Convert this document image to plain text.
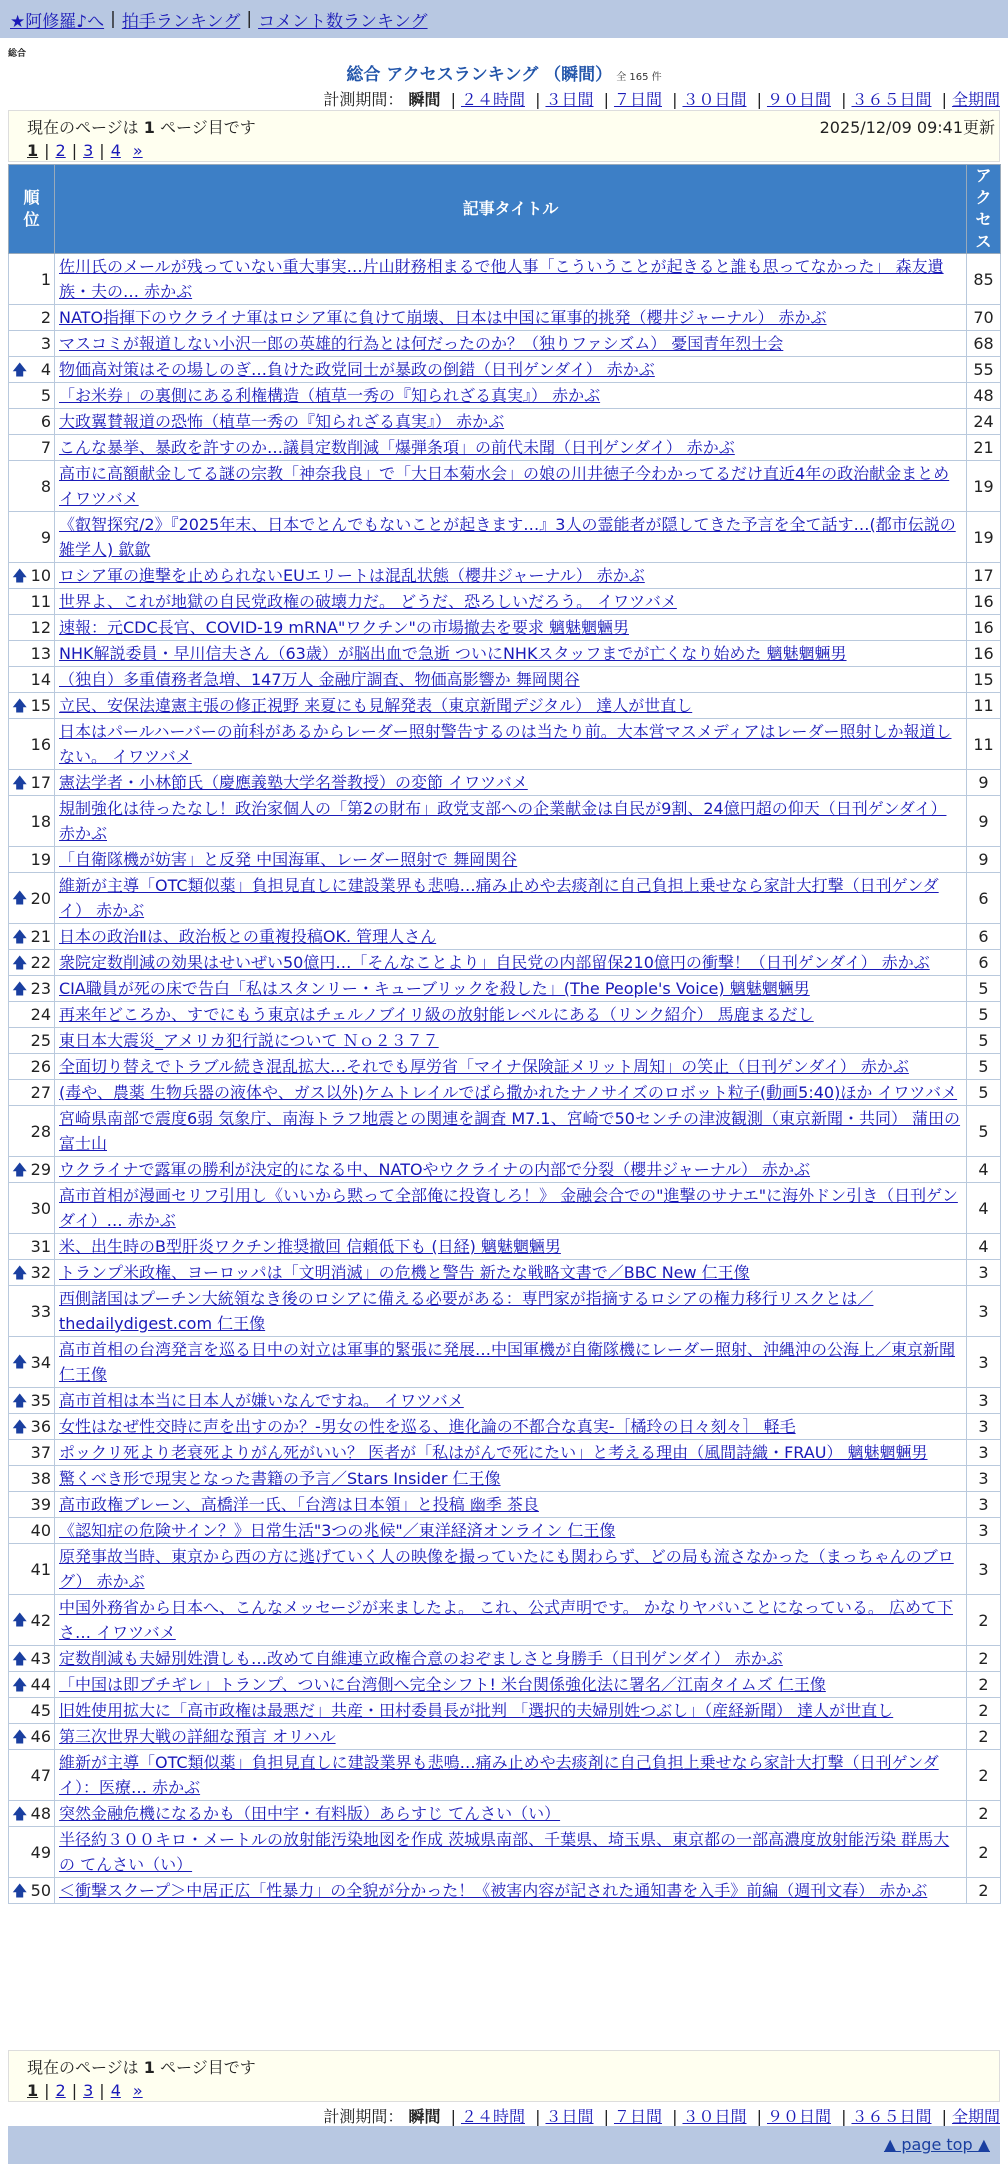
★阿修羅♪へ | 拍手ランキング | コメント数ランキング
総合
総合 アクセスランキング （瞬間） 全 165 件
計測期間： 瞬間 | ２４時間 | ３日間 | ７日間 | ３０日間 | ９０日間 | ３６５日間 | 全期間
現在のページは 1 ページ目です	2025/12/09 09:41更新
1 | 2 | 3 | 4 »
順位	記事タイトル	アクセス
1	佐川氏のメールが残っていない重大事実…片山財務相まるで他人事「こういうことが起きると誰も思ってなかった」 森友遺族・夫の… 赤かぶ	85
2	NATO指揮下のウクライナ軍はロシア軍に負けて崩壊、日本は中国に軍事的挑発（櫻井ジャーナル） 赤かぶ	70
3	マスコミが報道しない小沢一郎の英雄的行為とは何だったのか？（独りファシズム） 憂国青年烈士会	68

🡅 4	物価高対策はその場しのぎ…負けた政党同士が暴政の倒錯（日刊ゲンダイ） 赤かぶ	55
5	「お米券」の裏側にある利権構造（植草一秀の『知られざる真実』） 赤かぶ	48
6	大政翼賛報道の恐怖（植草一秀の『知られざる真実』） 赤かぶ	24
7	こんな暴挙、暴政を許すのか…議員定数削減「爆弾条項」の前代未聞（日刊ゲンダイ） 赤かぶ	21
8	高市に高額献金してる謎の宗教「神奈我良」で「大日本菊水会」の娘の川井徳子今わかってるだけ直近4年の政治献金まとめ イワツバメ	19
9	《叡智探究/2》『2025年末、日本でとんでもないことが起きます…』3人の霊能者が隠してきた予言を全て話す…(都市伝説の雑学人) 歙歙	19

🡅 10	ロシア軍の進撃を止められないEUエリートは混乱状態（櫻井ジャーナル） 赤かぶ	17
11	世界よ、これが地獄の自民党政権の破壊力だ。 どうだ、恐ろしいだろう。 イワツバメ	16
12	速報：元CDC長官、COVID-19 mRNA"ワクチン"の市場撤去を要求 魑魅魍魎男	16
13	NHK解説委員・早川信夫さん（63歳）が脳出血で急逝 ついにNHKスタッフまでが亡くなり始めた 魑魅魍魎男	16
14	（独自）多重債務者急増、147万人 金融庁調査、物価高影響か 舞岡関谷	15

🡅 15	立民、安保法違憲主張の修正視野 来夏にも見解発表（東京新聞デジタル） 達人が世直し	11
16	日本はパールハーバーの前科があるからレーダー照射警告するのは当たり前。大本営マスメディアはレーダー照射しか報道しない。 イワツバメ	11

🡅 17	憲法学者・小林節氏（慶應義塾大学名誉教授）の変節 イワツバメ	9
18	規制強化は待ったなし！政治家個人の「第2の財布」政党支部への企業献金は自民が9割、24億円超の仰天（日刊ゲンダイ） 赤かぶ	9
19	「自衛隊機が妨害」と反発 中国海軍、レーダー照射で 舞岡関谷	9

🡅 20	維新が主導「OTC類似薬」負担見直しに建設業界も悲鳴…痛み止めや去痰剤に自己負担上乗せなら家計大打撃（日刊ゲンダイ） 赤かぶ	6

🡅 21	日本の政治Ⅱは、政治板との重複投稿OK. 管理人さん	6

🡅 22	衆院定数削減の効果はせいぜい50億円…「そんなことより」自民党の内部留保210億円の衝撃！（日刊ゲンダイ） 赤かぶ	6

🡅 23	CIA職員が死の床で告白「私はスタンリー・キューブリックを殺した」(The People's Voice) 魑魅魍魎男	5
24	再来年どころか、すでにもう東京はチェルノブイリ級の放射能レベルにある（リンク紹介） 馬鹿まるだし	5
25	東日本大震災_アメリカ犯行説について Ｎｏ２３７７	5
26	全面切り替えでトラブル続き混乱拡大…それでも厚労省「マイナ保険証メリット周知」の笑止（日刊ゲンダイ） 赤かぶ	5
27	(毒や、農薬 生物兵器の液体や、ガス以外)ケムトレイルでばら撒かれたナノサイズのロボット粒子(動画5:40)ほか イワツバメ	5
28	宮崎県南部で震度6弱 気象庁、南海トラフ地震との関連を調査 M7.1、宮崎で50センチの津波観測（東京新聞・共同） 蒲田の富士山	5

🡅 29	ウクライナで露軍の勝利が決定的になる中、NATOやウクライナの内部で分裂（櫻井ジャーナル） 赤かぶ	4
30	高市首相が漫画セリフ引用し《いいから黙って全部俺に投資しろ！》 金融会合での"進撃のサナエ"に海外ドン引き（日刊ゲンダイ）… 赤かぶ	4
31	米、出生時のB型肝炎ワクチン推奨撤回 信頼低下も (日経) 魑魅魍魎男	4

🡅 32	トランプ米政権、ヨーロッパは「文明消滅」の危機と警告 新たな戦略文書で／BBC New 仁王像	3
33	西側諸国はプーチン大統領なき後のロシアに備える必要がある：専門家が指摘するロシアの権力移行リスクとは／thedailydigest.com 仁王像	3

🡅 34	高市首相の台湾発言を巡る日中の対立は軍事的緊張に発展…中国軍機が自衛隊機にレーダー照射、沖縄沖の公海上／東京新聞 仁王像	3

🡅 35	高市首相は本当に日本人が嫌いなんですね。 イワツバメ	3

🡅 36	女性はなぜ性交時に声を出すのか？-男女の性を巡る、進化論の不都合な真実-［橘玲の日々刻々］ 軽毛	3
37	ポックリ死より老衰死よりがん死がいい？ 医者が「私はがんで死にたい」と考える理由（風間詩織・FRAU） 魑魅魍魎男	3
38	驚くべき形で現実となった書籍の予言／Stars Insider 仁王像	3
39	高市政権ブレーン、高橋洋一氏、「台湾は日本領」と投稿 幽季 茶良	3
40	《認知症の危険サイン？》日常生活"3つの兆候"／東洋経済オンライン 仁王像	3
41	原発事故当時、東京から西の方に逃げていく人の映像を撮っていたにも関わらず、どの局も流さなかった（まっちゃんのブログ） 赤かぶ	3

🡅 42	中国外務省から日本へ、こんなメッセージが来ましたよ。 これ、公式声明です。 かなりヤバいことになっている。 広めて下さ… イワツバメ	2

🡅 43	定数削減も夫婦別姓潰しも…改めて自維連立政権合意のおぞましさと身勝手（日刊ゲンダイ） 赤かぶ	2

🡅 44	「中国は即ブチギレ」トランプ、ついに台湾側へ完全シフト! 米台関係強化法に署名／江南タイムズ 仁王像	2
45	旧姓使用拡大に「高市政権は最悪だ」共産・田村委員長が批判 「選択的夫婦別姓つぶし」（産経新聞） 達人が世直し	2

🡅 46	第三次世界大戦の詳細な預言 オリハル	2
47	維新が主導「OTC類似薬」負担見直しに建設業界も悲鳴…痛み止めや去痰剤に自己負担上乗せなら家計大打撃（日刊ゲンダイ）：医療… 赤かぶ	2

🡅 48	突然金融危機になるかも（田中宇・有料版）あらすじ てんさい（い）	2
49	半径約３００キロ・メートルの放射能汚染地図を作成 茨城県南部、千葉県、埼玉県、東京都の一部高濃度放射能汚染 群馬大の てんさい（い）	2

🡅 50	＜衝撃スクープ＞中居正広「性暴力」の全貌が分かった！《被害内容が記された通知書を入手》前編（週刊文春） 赤かぶ	2
現在のページは 1 ページ目です
1 | 2 | 3 | 4 »
計測期間： 瞬間 | ２４時間 | ３日間 | ７日間 | ３０日間 | ９０日間 | ３６５日間 | 全期間
▲ page top ▲
